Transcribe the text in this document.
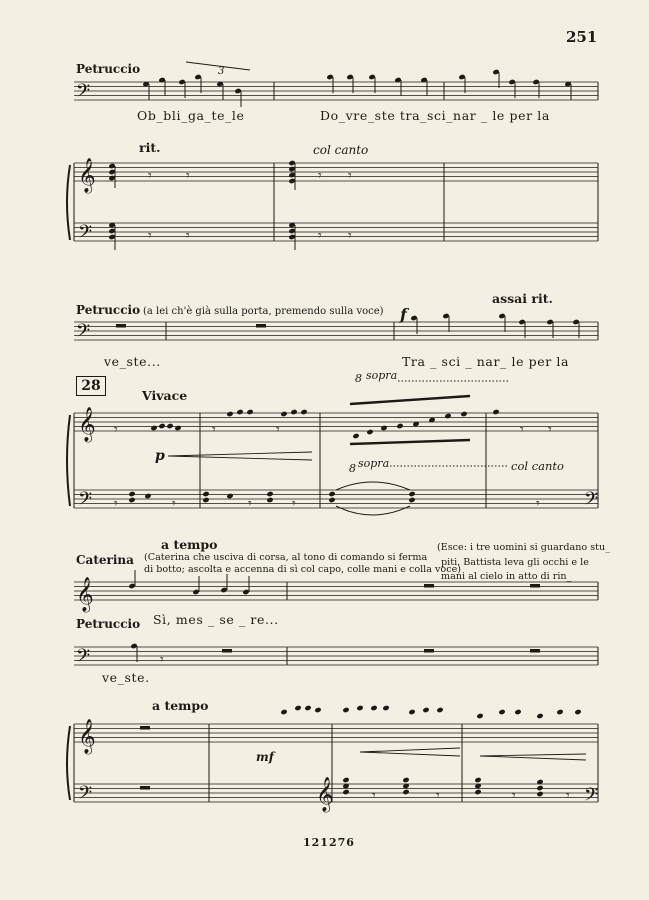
251
Petruccio	3
Ob_bli_ga_te_le	Do_vre_ste tra_sci_nar _ le per la
rit.	col canto
Petruccio (a lei ch'è già sulla porta, premendo sulla voce)
assai rit.
f
ve_ste...	Tra _ sci _ nar_ le per la
28
Vivace
8 sopra
8 sopra
p
col canto
a tempo
Caterina (Caterina che usciva di corsa, al tono di comando si ferma
di botto; ascolta e accenna di sì col capo, colle mani e colla voce)
(Esce: i tre uomini si guardano stu_
piti. Battista leva gli occhi e le
mani al cielo in atto di rin_
Sì, mes _ se _ re...
Petruccio
ve_ste.
a tempo
mf
121276
𝄢
𝄞
𝄢
𝄾 𝄾	𝄾 𝄾
𝄾 𝄾	𝄾 𝄾
𝄢
𝄞
𝄢
𝄾	𝄾	𝄾	𝄾 𝄾
𝄾	𝄾	𝄾	𝄾	𝄾 𝄢
𝄞
𝄢	𝄾
𝄞
𝄢	𝄞	𝄾	𝄾	𝄾	𝄾 𝄢
